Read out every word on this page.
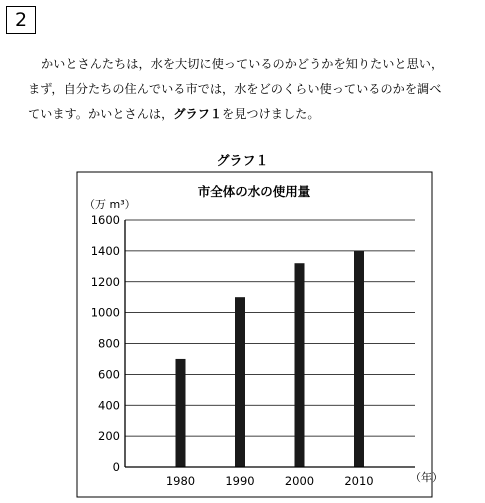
2

かいとさんたちは，水を大切に使っているのかどうかを知りたいと思い，

まず，自分たちの住んでいる市では，水をどのくらい使っているのかを調べ

ています。かいとさんは，グラフ１を見つけました。

グラフ１
市全体の水の使用量
（万 m³）
（年）
0
200
400
600
800
1000
1200
1400
1600
1980	1990	2000	2010
